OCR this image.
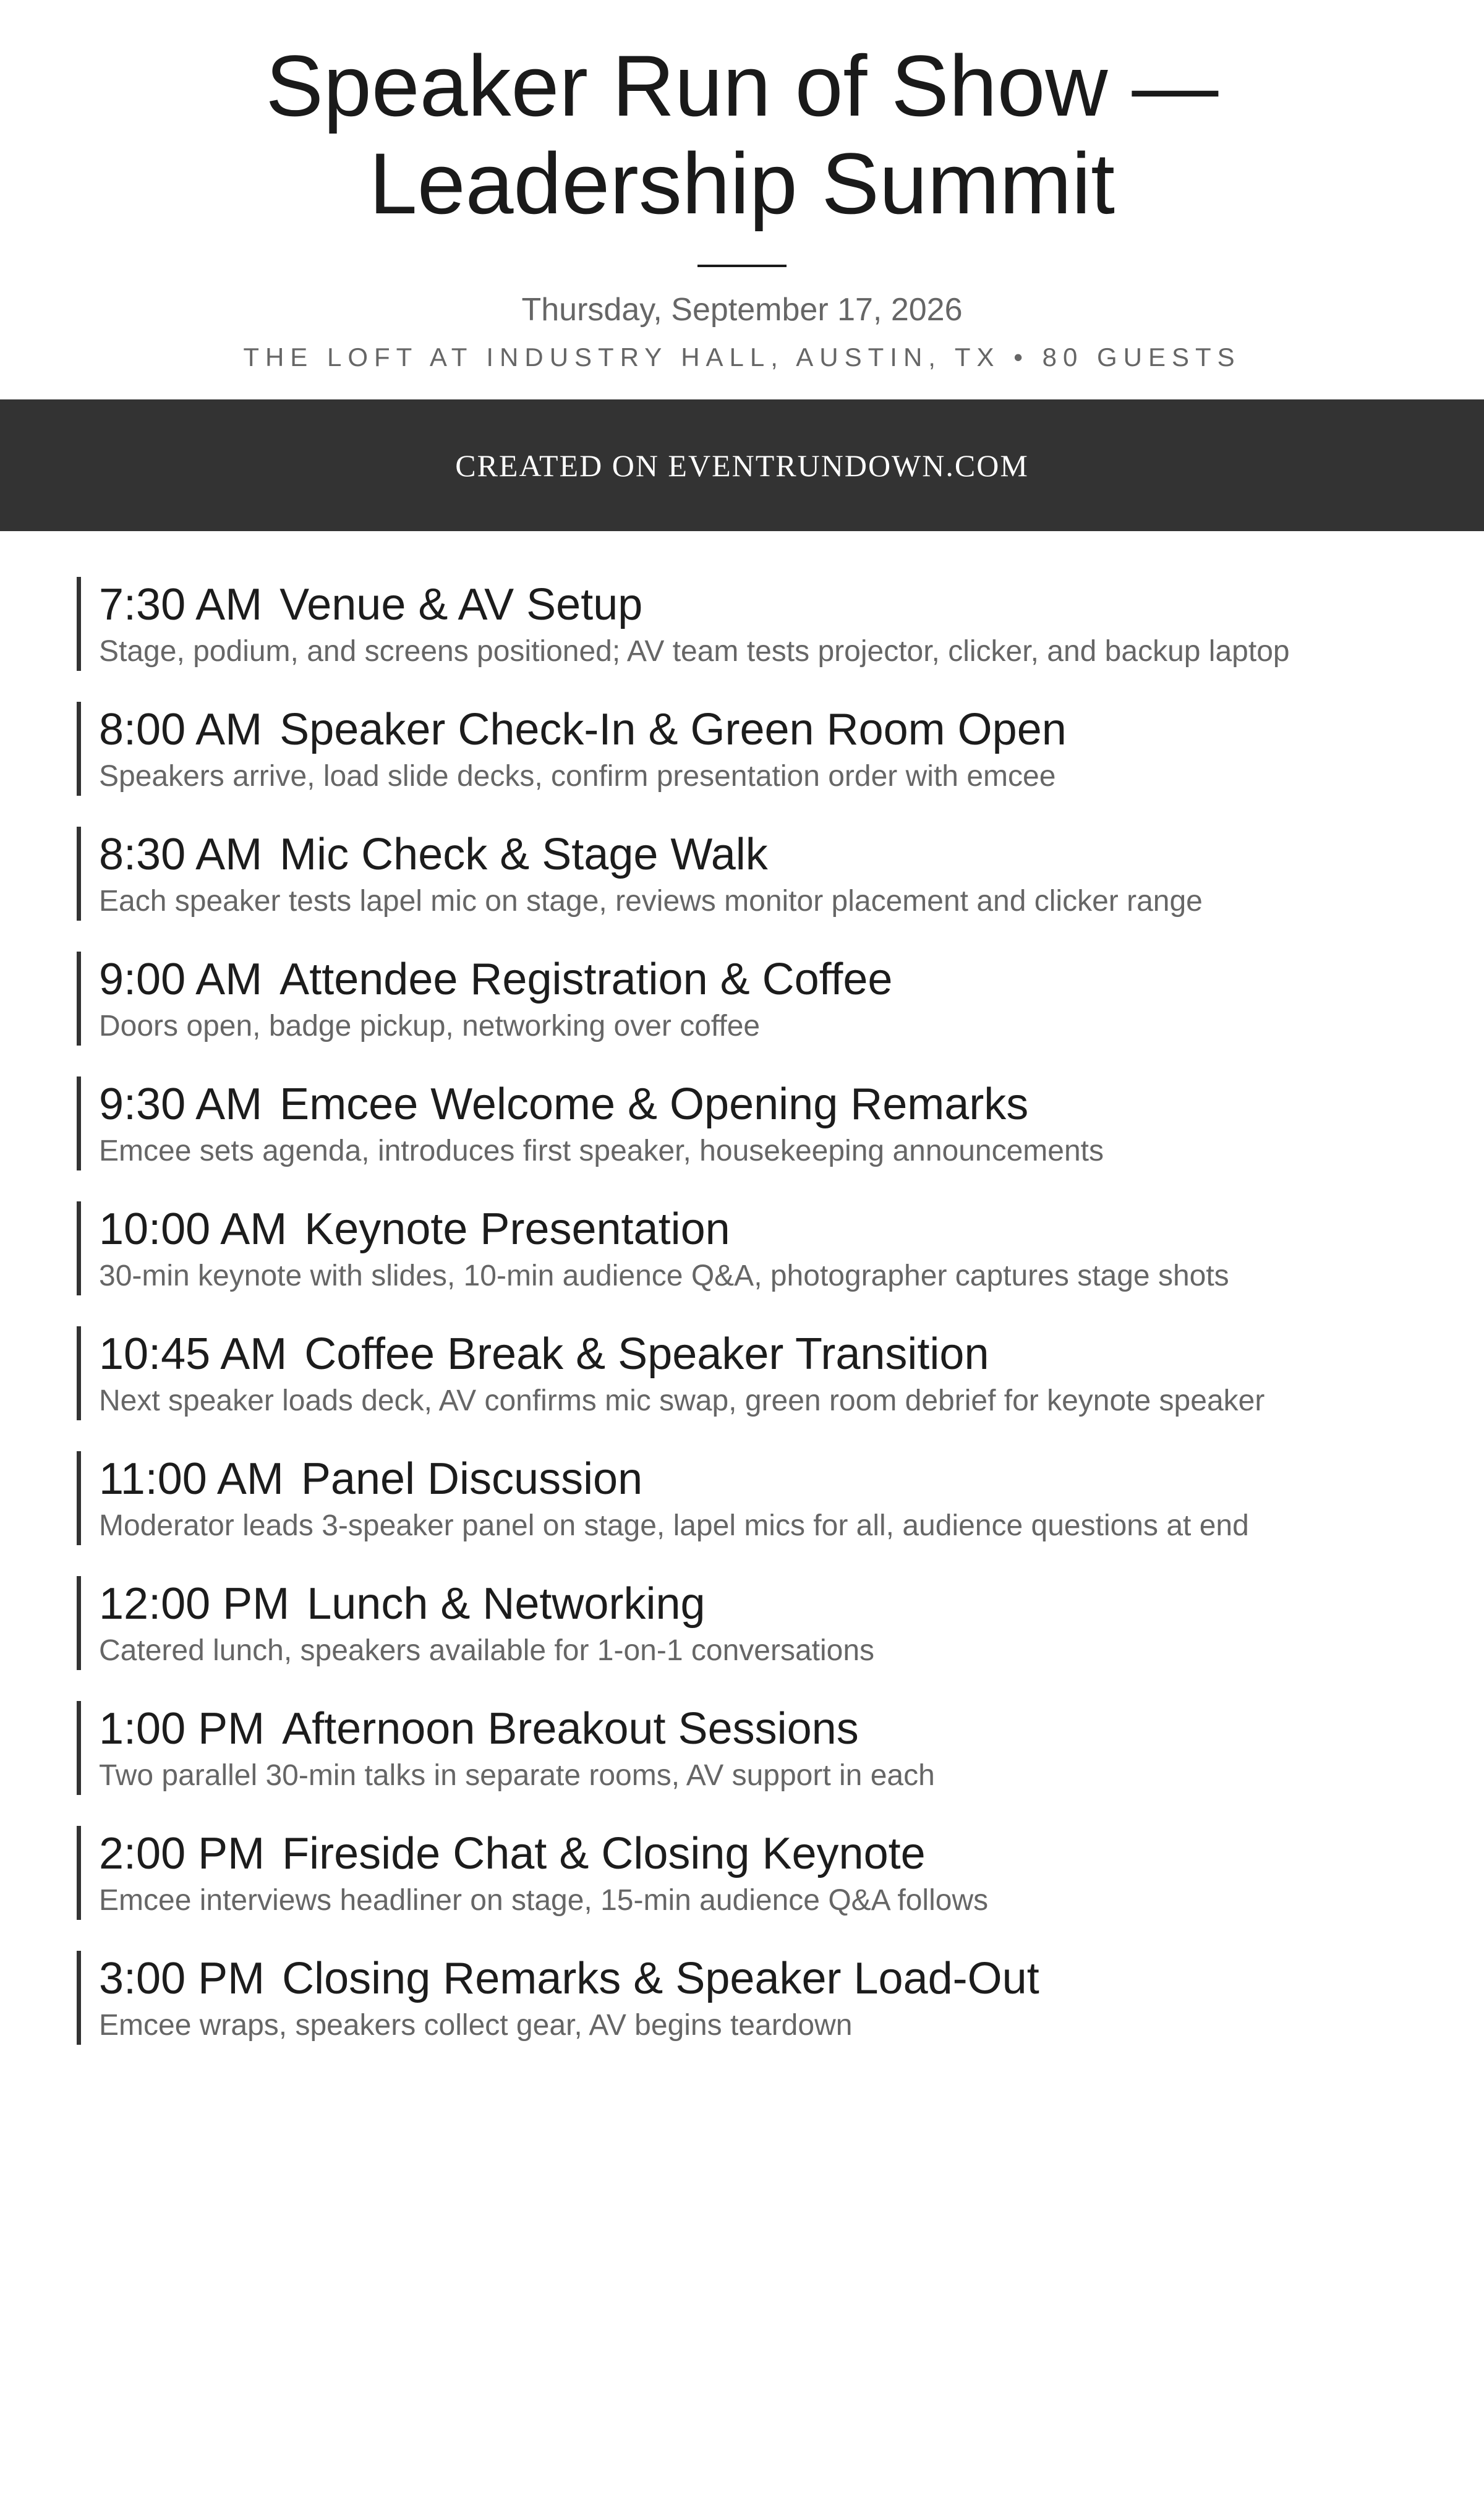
Speaker Run of Show —
Leadership Summit
Thursday, September 17, 2026
THE LOFT AT INDUSTRY HALL, AUSTIN, TX • 80 GUESTS
CREATED ON EVENTRUNDOWN.COM
7:30 AM Venue & AV Setup
Stage, podium, and screens positioned; AV team tests projector, clicker, and backup laptop
8:00 AM Speaker Check-In & Green Room Open
Speakers arrive, load slide decks, confirm presentation order with emcee
8:30 AM Mic Check & Stage Walk
Each speaker tests lapel mic on stage, reviews monitor placement and clicker range
9:00 AM Attendee Registration & Coffee
Doors open, badge pickup, networking over coffee
9:30 AM Emcee Welcome & Opening Remarks
Emcee sets agenda, introduces first speaker, housekeeping announcements
10:00 AM Keynote Presentation
30-min keynote with slides, 10-min audience Q&A, photographer captures stage shots
10:45 AM Coffee Break & Speaker Transition
Next speaker loads deck, AV confirms mic swap, green room debrief for keynote speaker
11:00 AM Panel Discussion
Moderator leads 3-speaker panel on stage, lapel mics for all, audience questions at end
12:00 PM Lunch & Networking
Catered lunch, speakers available for 1-on-1 conversations
1:00 PM Afternoon Breakout Sessions
Two parallel 30-min talks in separate rooms, AV support in each
2:00 PM Fireside Chat & Closing Keynote
Emcee interviews headliner on stage, 15-min audience Q&A follows
3:00 PM Closing Remarks & Speaker Load-Out
Emcee wraps, speakers collect gear, AV begins teardown
